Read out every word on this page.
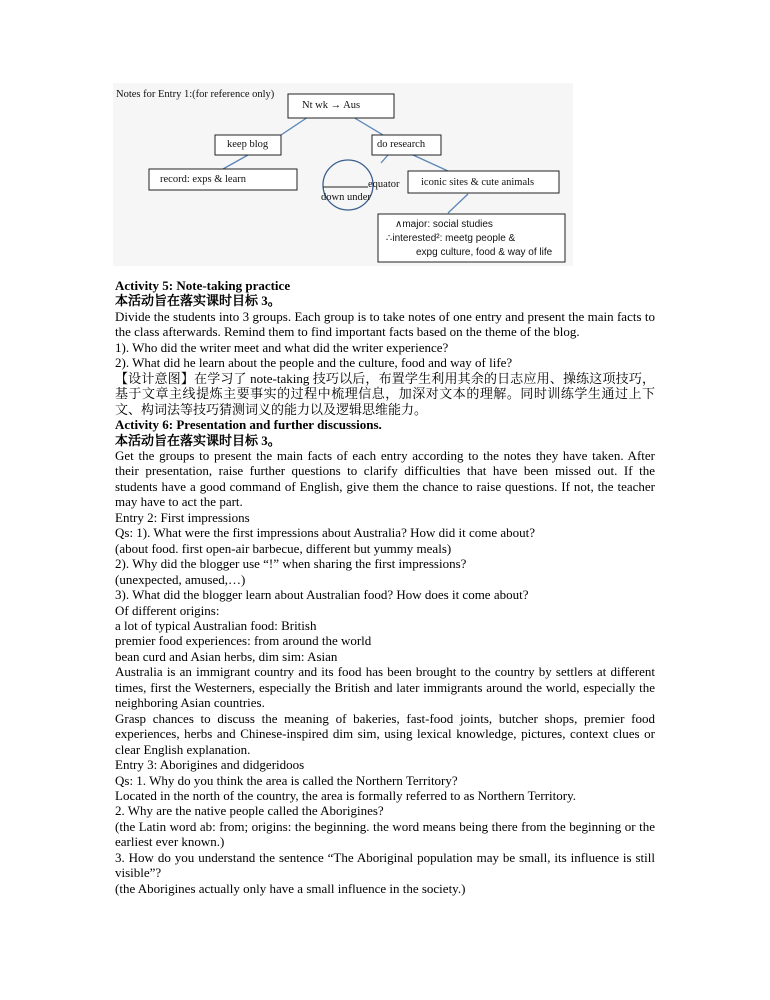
Notes for Entry 1:(for reference only)
Nt wk → Aus
keep blog	do research
record: exps & learn	equator
down under
iconic sites & cute animals
∧major: social studies
∴interested²: meetg people &
expg culture, food & way of life

Activity 5: Note-taking practice

本活动旨在落实课时目标 3。

Divide the students into 3 groups. Each group is to take notes of one entry and present the main facts to the class afterwards. Remind them to find important facts based on the theme of the blog.

1). Who did the writer meet and what did the writer experience?

2). What did he learn about the people and the culture, food and way of life?

【设计意图】在学习了 note-taking 技巧以后，布置学生利用其余的日志应用、操练这项技巧，基于文章主线提炼主要事实的过程中梳理信息，加深对文本的理解。同时训练学生通过上下文、构词法等技巧猜测词义的能力以及逻辑思维能力。

Activity 6: Presentation and further discussions.

本活动旨在落实课时目标 3。

Get the groups to present the main facts of each entry according to the notes they have taken. After their presentation, raise further questions to clarify difficulties that have been missed out. If the students have a good command of English, give them the chance to raise questions. If not, the teacher may have to act the part.

Entry 2: First impressions

Qs: 1). What were the first impressions about Australia? How did it come about?

(about food. first open-air barbecue, different but yummy meals)

2). Why did the blogger use “!” when sharing the first impressions?

(unexpected, amused,…)

3). What did the blogger learn about Australian food? How does it come about?

Of different origins:

a lot of typical Australian food: British

premier food experiences: from around the world

bean curd and Asian herbs, dim sim: Asian

Australia is an immigrant country and its food has been brought to the country by settlers at different times, first the Westerners, especially the British and later immigrants around the world, especially the neighboring Asian countries.

Grasp chances to discuss the meaning of bakeries, fast-food joints, butcher shops, premier food experiences, herbs and Chinese-inspired dim sim, using lexical knowledge, pictures, context clues or clear English explanation.

Entry 3: Aborigines and didgeridoos

Qs: 1. Why do you think the area is called the Northern Territory?

Located in the north of the country, the area is formally referred to as Northern Territory.

2. Why are the native people called the Aborigines?

(the Latin word ab: from; origins: the beginning. the word means being there from the beginning or the earliest ever known.)

3. How do you understand the sentence “The Aboriginal population may be small, its influence is still visible”?

(the Aborigines actually only have a small influence in the society.)
